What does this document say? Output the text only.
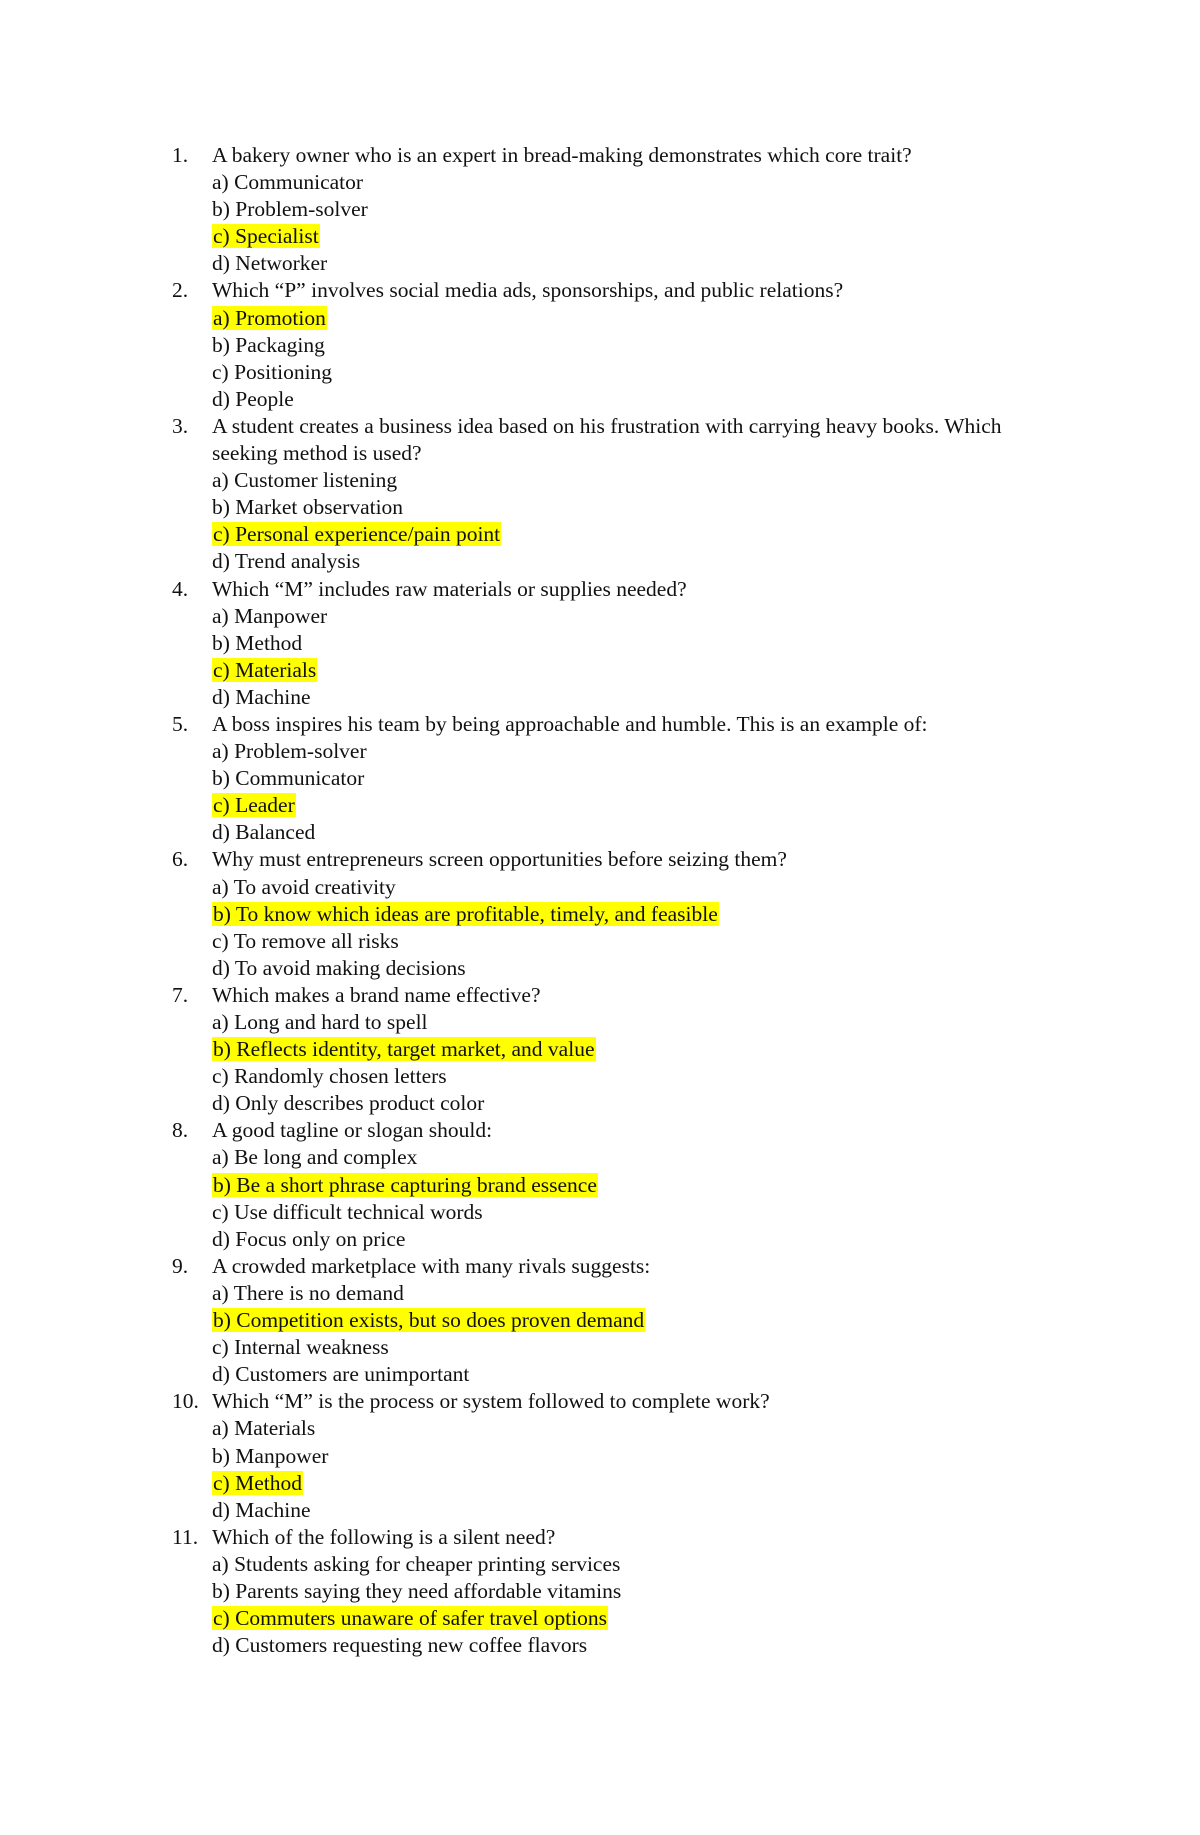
1.	A bakery owner who is an expert in bread-making demonstrates which core trait?
a) Communicator
b) Problem-solver
c) Specialist
d) Networker
2.	Which “P” involves social media ads, sponsorships, and public relations?
a) Promotion
b) Packaging
c) Positioning
d) People
3.	A student creates a business idea based on his frustration with carrying heavy books. Which seeking method is used?
a) Customer listening
b) Market observation
c) Personal experience/pain point
d) Trend analysis
4.	Which “M” includes raw materials or supplies needed?
a) Manpower
b) Method
c) Materials
d) Machine
5.	A boss inspires his team by being approachable and humble. This is an example of:
a) Problem-solver
b) Communicator
c) Leader
d) Balanced
6.	Why must entrepreneurs screen opportunities before seizing them?
a) To avoid creativity
b) To know which ideas are profitable, timely, and feasible
c) To remove all risks
d) To avoid making decisions
7.	Which makes a brand name effective?
a) Long and hard to spell
b) Reflects identity, target market, and value
c) Randomly chosen letters
d) Only describes product color
8.	A good tagline or slogan should:
a) Be long and complex
b) Be a short phrase capturing brand essence
c) Use difficult technical words
d) Focus only on price
9.	A crowded marketplace with many rivals suggests:
a) There is no demand
b) Competition exists, but so does proven demand
c) Internal weakness
d) Customers are unimportant
10. Which “M” is the process or system followed to complete work?
a) Materials
b) Manpower
c) Method
d) Machine
11. Which of the following is a silent need?
a) Students asking for cheaper printing services
b) Parents saying they need affordable vitamins
c) Commuters unaware of safer travel options
d) Customers requesting new coffee flavors
